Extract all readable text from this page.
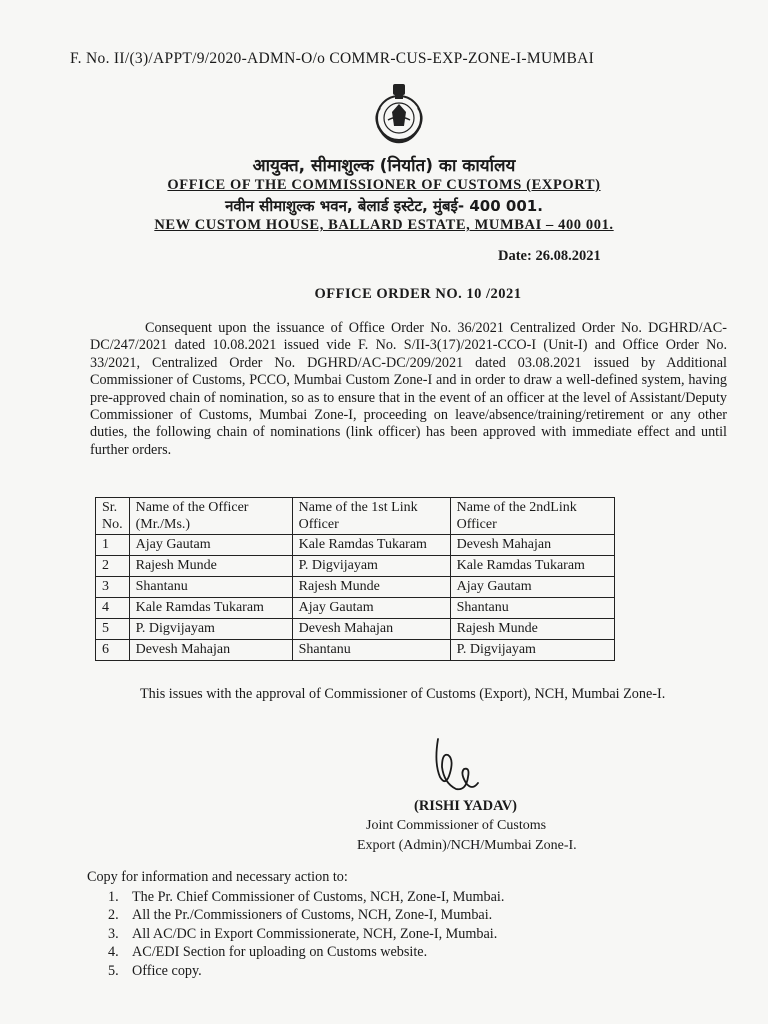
F. No. II/(3)/APPT/9/2020-ADMN-O/o COMMR-CUS-EXP-ZONE-I-MUMBAI
आयुक्त, सीमाशुल्क (निर्यात) का कार्यालय
OFFICE OF THE COMMISSIONER OF CUSTOMS (EXPORT)
नवीन सीमाशुल्क भवन, बेलार्ड इस्टेट, मुंबई- 400 001.
NEW CUSTOM HOUSE, BALLARD ESTATE, MUMBAI – 400 001.
Date: 26.08.2021
OFFICE ORDER NO. 10 /2021
Consequent upon the issuance of Office Order No. 36/2021 Centralized Order No. DGHRD/AC-DC/247/2021 dated 10.08.2021 issued vide F. No. S/II-3(17)/2021-CCO-I (Unit-I) and Office Order No. 33/2021, Centralized Order No. DGHRD/AC-DC/209/2021 dated 03.08.2021 issued by Additional Commissioner of Customs, PCCO, Mumbai Custom Zone-I and in order to draw a well-defined system, having pre-approved chain of nomination, so as to ensure that in the event of an officer at the level of Assistant/Deputy Commissioner of Customs, Mumbai Zone-I, proceeding on leave/absence/training/retirement or any other duties, the following chain of nominations (link officer) has been approved with immediate effect and until further orders.
Sr. No.	Name of the Officer (Mr./Ms.)	Name of the 1st Link Officer	Name of the 2ndLink Officer
1	Ajay Gautam	Kale Ramdas Tukaram	Devesh Mahajan
2	Rajesh Munde	P. Digvijayam	Kale Ramdas Tukaram
3	Shantanu	Rajesh Munde	Ajay Gautam
4	Kale Ramdas Tukaram	Ajay Gautam	Shantanu
5	P. Digvijayam	Devesh Mahajan	Rajesh Munde
6	Devesh Mahajan	Shantanu	P. Digvijayam
This issues with the approval of Commissioner of Customs (Export), NCH, Mumbai Zone-I.
(RISHI YADAV)
Joint Commissioner of Customs
Export (Admin)/NCH/Mumbai Zone-I.
Copy for information and necessary action to:
1. The Pr. Chief Commissioner of Customs, NCH, Zone-I, Mumbai.
2. All the Pr./Commissioners of Customs, NCH, Zone-I, Mumbai.
3. All AC/DC in Export Commissionerate, NCH, Zone-I, Mumbai.
4. AC/EDI Section for uploading on Customs website.
5. Office copy.
